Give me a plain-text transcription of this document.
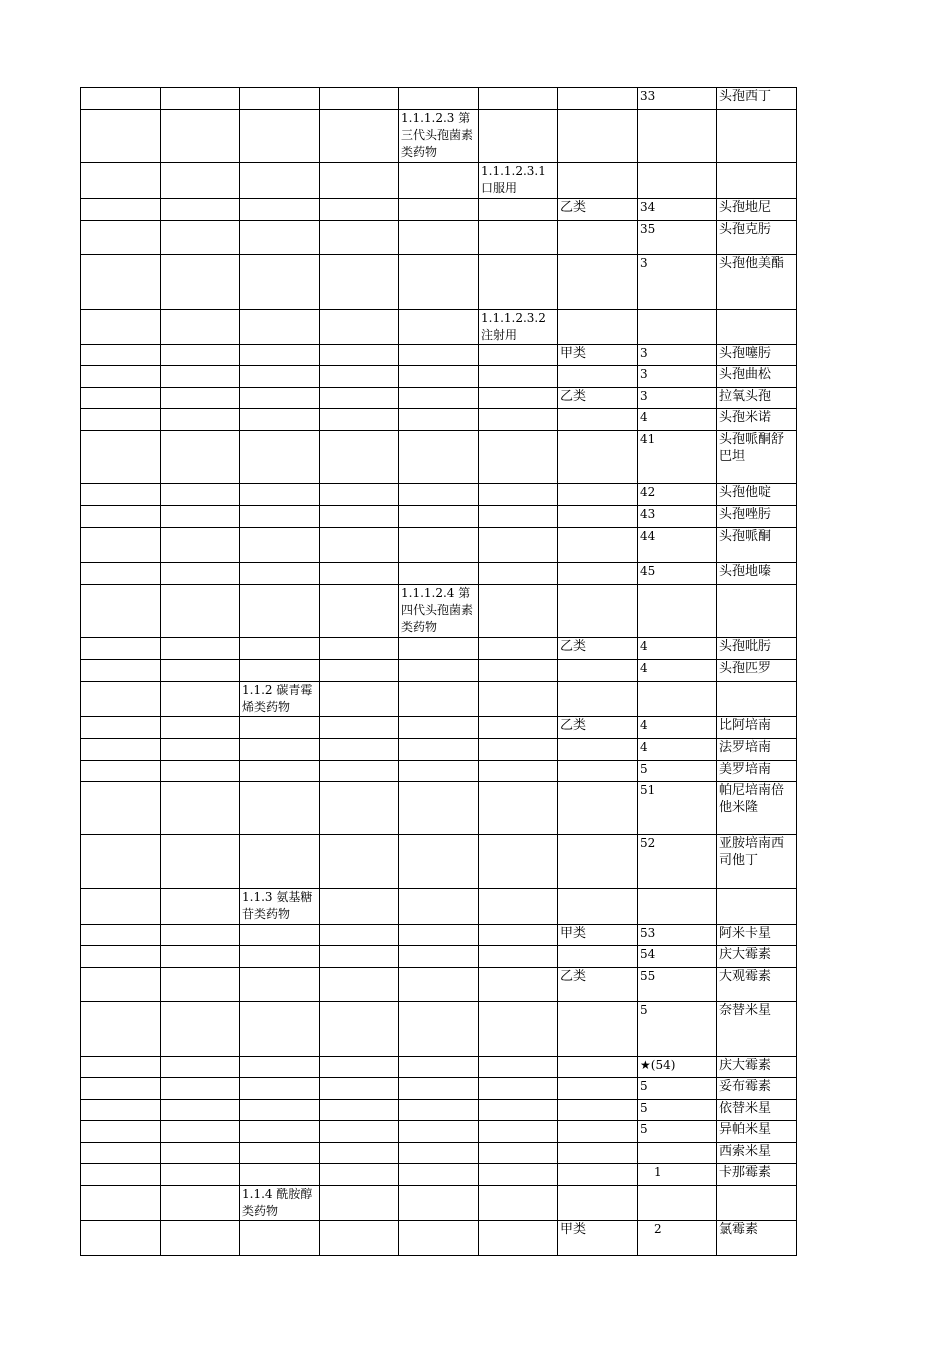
							33	头孢西丁
				1.1.1.2.3 第三代头孢菌素类药物				
					1.1.1.2.3.1 口服用			
						乙类	34	头孢地尼
							35	头孢克肟
							3	头孢他美酯
					1.1.1.2.3.2 注射用			
						甲类	3	头孢噻肟
							3	头孢曲松
						乙类	3	拉氧头孢
							4	头孢米诺
							41	头孢哌酮舒巴坦
							42	头孢他啶
							43	头孢唑肟
							44	头孢哌酮
							45	头孢地嗪
				1.1.1.2.4 第四代头孢菌素类药物				
						乙类	4	头孢吡肟
							4	头孢匹罗
		1.1.2 碳青霉烯类药物						
						乙类	4	比阿培南
							4	法罗培南
							5	美罗培南
							51	帕尼培南倍他米隆
							52	亚胺培南西司他丁
		1.1.3 氨基糖苷类药物						
						甲类	53	阿米卡星
							54	庆大霉素
						乙类	55	大观霉素
							5	奈替米星
							★(54)	庆大霉素
							5	妥布霉素
							5	依替米星
							5	异帕米星
								西索米星
							1	卡那霉素
		1.1.4 酰胺醇类药物						
						甲类	2	氯霉素
